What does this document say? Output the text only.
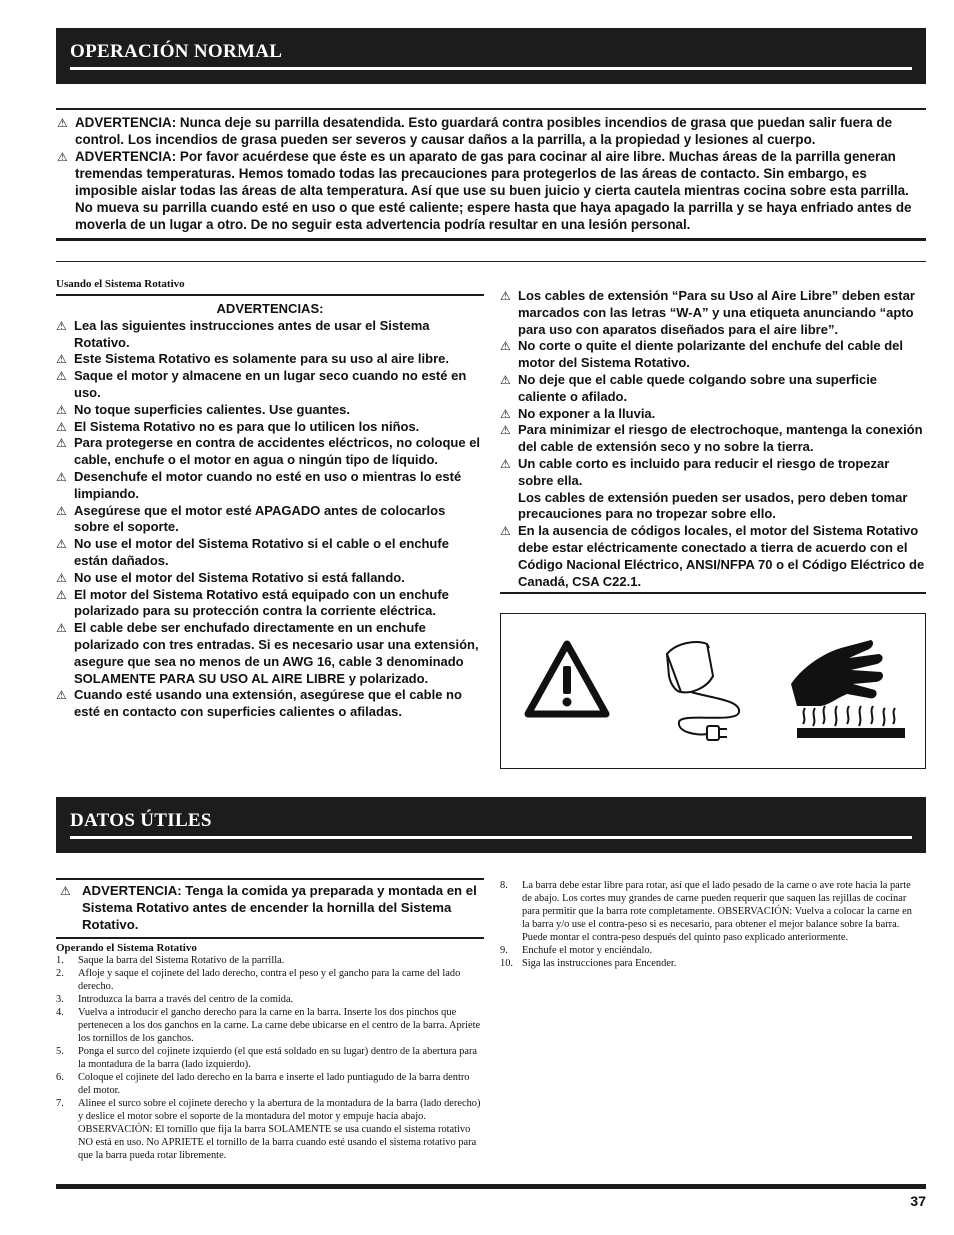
OPERACIÓN NORMAL
⚠ ADVERTENCIA: Nunca deje su parrilla desatendida. Esto guardará contra posibles incendios de grasa que puedan salir fuera de control. Los incendios de grasa pueden ser severos y causar daños a la parrilla, a la propiedad y lesiones al cuerpo.
⚠ ADVERTENCIA: Por favor acuérdese que éste es un aparato de gas para cocinar al aire libre. Muchas áreas de la parrilla generan tremendas temperaturas. Hemos tomado todas las precauciones para protegerlos de las áreas de contacto. Sin embargo, es imposible aislar todas las áreas de alta temperatura. Así que use su buen juicio y cierta cautela mientras cocina sobre esta parrilla. No mueva su parrilla cuando esté en uso o que esté caliente; espere hasta que haya apagado la parrilla y se haya enfriado antes de moverla de un lugar a otro. De no seguir esta advertencia podría resultar en una lesión personal.
Usando el Sistema Rotativo
ADVERTENCIAS:
⚠ Lea las siguientes instrucciones antes de usar el Sistema Rotativo.
⚠ Este Sistema Rotativo es solamente para su uso al aire libre.
⚠ Saque el motor y almacene en un lugar seco cuando no esté en uso.
⚠ No toque superficies calientes. Use guantes.
⚠ El Sistema Rotativo no es para que lo utilicen los niños.
⚠ Para protegerse en contra de accidentes eléctricos, no coloque el cable, enchufe o el motor en agua o ningún tipo de líquido.
⚠ Desenchufe el motor cuando no esté en uso o mientras lo esté limpiando.
⚠ Asegúrese que el motor esté APAGADO antes de colocarlos sobre el soporte.
⚠ No use el motor del Sistema Rotativo si el cable o el enchufe están dañados.
⚠ No use el motor del Sistema Rotativo si está fallando.
⚠ El motor del Sistema Rotativo está equipado con un enchufe polarizado para su protección contra la corriente eléctrica.
⚠ El cable debe ser enchufado directamente en un enchufe polarizado con tres entradas. Si es necesario usar una extensión, asegure que sea no menos de un AWG 16, cable 3 denominado SOLAMENTE PARA SU USO AL AIRE LIBRE y polarizado.
⚠ Cuando esté usando una extensión, asegúrese que el cable no esté en contacto con superficies calientes o afiladas.
⚠ Los cables de extensión “Para su Uso al Aire Libre” deben estar marcados con las letras “W-A” y una etiqueta anunciando “apto para uso con aparatos diseñados para el aire libre”.
⚠ No corte o quite el diente polarizante del enchufe del cable del motor del Sistema Rotativo.
⚠ No deje que el cable quede colgando sobre una superficie caliente o afilado.
⚠ No exponer a la lluvia.
⚠ Para minimizar el riesgo de electrochoque, mantenga la conexión del cable de extensión seco y no sobre la tierra.
⚠ Un cable corto es incluido para reducir el riesgo de tropezar sobre ella.
Los cables de extensión pueden ser usados, pero deben tomar precauciones para no tropezar sobre ello.
⚠ En la ausencia de códigos locales, el motor del Sistema Rotativo debe estar eléctricamente conectado a tierra de acuerdo con el Código Nacional Eléctrico, ANSI/NFPA 70 o el Código Eléctrico de Canadá, CSA C22.1.
DATOS ÚTILES
⚠ ADVERTENCIA: Tenga la comida ya preparada y montada en el Sistema Rotativo antes de encender la hornilla del Sistema Rotativo.
Operando el Sistema Rotativo
1.	Saque la barra del Sistema Rotativo de la parrilla.
2.	Afloje y saque el cojinete del lado derecho, contra el peso y el gancho para la carne del lado derecho.
3.	Introduzca la barra a través del centro de la comida.
4.	Vuelva a introducir el gancho derecho para la carne en la barra. Inserte los dos pinchos que pertenecen a los dos ganchos en la carne. La carne debe ubicarse en el centro de la barra. Apriete los tornillos de los ganchos.
5.	Ponga el surco del cojinete izquierdo (el que está soldado en su lugar) dentro de la abertura para la montadura de la barra (lado izquierdo).
6.	Coloque el cojinete del lado derecho en la barra e inserte el lado puntiagudo de la barra dentro del motor.
7.	Alinee el surco sobre el cojinete derecho y la abertura de la montadura de la barra (lado derecho) y deslice el motor sobre el soporte de la montadura del motor y empuje hacia abajo. OBSERVACIÓN: El tornillo que fija la barra SOLAMENTE se usa cuando el sistema rotativo NO está en uso. No APRIETE el tornillo de la barra cuando esté usando el sistema rotativo para que la barra pueda rotar libremente.
8.	La barra debe estar libre para rotar, así que el lado pesado de la carne o ave rote hacia la parte de abajo. Los cortes muy grandes de carne pueden requerir que saquen las rejillas de cocinar para permitir que la barra rote completamente. OBSERVACIÓN: Vuelva a colocar la carne en la barra y/o use el contra-peso si es necesario, para obtener el mejor balance sobre la barra. Puede montar el contra-peso después del quinto paso explicado anteriormente.
9.	Enchufe el motor y enciéndalo.
10. Siga las instrucciones para Encender.
37
